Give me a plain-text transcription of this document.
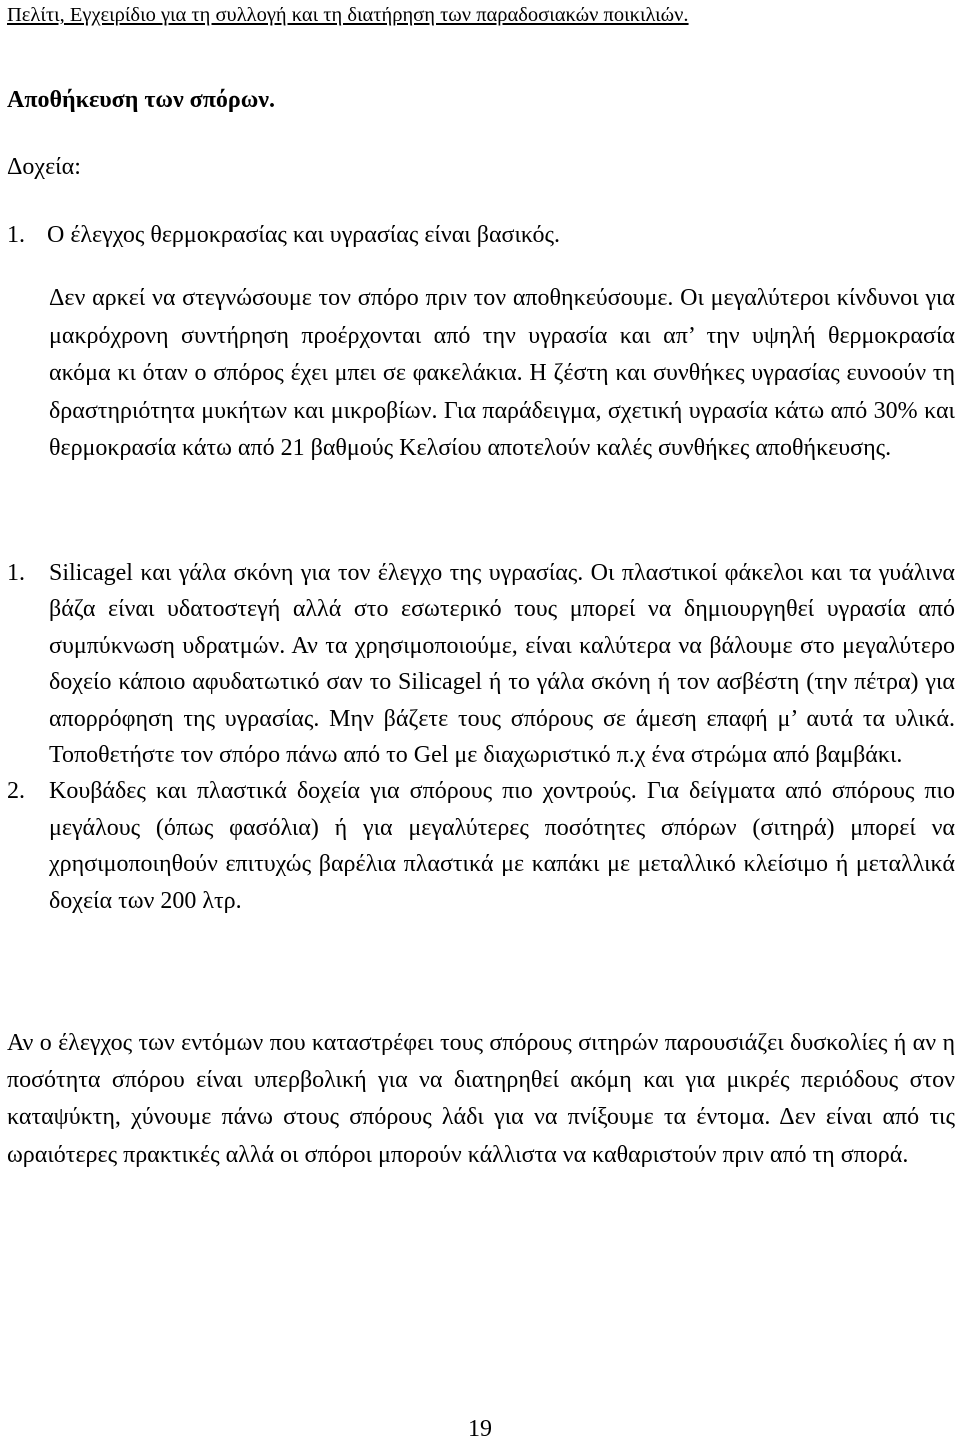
Πελίτι, Εγχειρίδιο για τη συλλογή και τη διατήρηση των παραδοσιακών ποικιλιών.
Αποθήκευση των σπόρων.
Δοχεία:
1. Ο έλεγχος θερμοκρασίας και υγρασίας είναι βασικός.
Δεν αρκεί να στεγνώσουμε τον σπόρο πριν τον αποθηκεύσουμε. Οι μεγαλύτεροι κίνδυνοι για μακρόχρονη συντήρηση προέρχονται από την υγρασία και απ’ την υψηλή θερμοκρασία ακόμα κι όταν ο σπόρος έχει μπει σε φακελάκια. Η ζέστη και συνθήκες υγρασίας ευνοούν τη δραστηριότητα μυκήτων και μικροβίων. Για παράδειγμα, σχετική υγρασία κάτω από 30% και θερμοκρασία κάτω από 21 βαθμούς Κελσίου αποτελούν καλές συνθήκες αποθήκευσης.
1.	Silicagel και γάλα σκόνη για τον έλεγχο της υγρασίας. Οι πλαστικοί φάκελοι και τα γυάλινα βάζα είναι υδατοστεγή αλλά στο εσωτερικό τους μπορεί να δημιουργηθεί υγρασία από συμπύκνωση υδρατμών. Αν τα χρησιμοποιούμε, είναι καλύτερα να βάλουμε στο μεγαλύτερο δοχείο κάποιο αφυδατωτικό σαν το Silicagel ή το γάλα σκόνη ή τον ασβέστη (την πέτρα) για απορρόφηση της υγρασίας. Μην βάζετε τους σπόρους σε άμεση επαφή μ’ αυτά τα υλικά. Τοποθετήστε τον σπόρο πάνω από το Gel με διαχωριστικό π.χ ένα στρώμα από βαμβάκι.
2.	Κουβάδες και πλαστικά δοχεία για σπόρους πιο χοντρούς. Για δείγματα από σπόρους πιο μεγάλους (όπως φασόλια) ή για μεγαλύτερες ποσότητες σπόρων (σιτηρά) μπορεί να χρησιμοποιηθούν επιτυχώς βαρέλια πλαστικά με καπάκι με μεταλλικό κλείσιμο ή μεταλλικά δοχεία των 200 λτρ.
Αν ο έλεγχος των εντόμων που καταστρέφει τους σπόρους σιτηρών παρουσιάζει δυσκολίες ή αν η ποσότητα σπόρου είναι υπερβολική για να διατηρηθεί ακόμη και για μικρές περιόδους στον καταψύκτη, χύνουμε πάνω στους σπόρους λάδι για να πνίξουμε τα έντομα. Δεν είναι από τις ωραιότερες πρακτικές αλλά οι σπόροι μπορούν κάλλιστα να καθαριστούν πριν από τη σπορά.
19
